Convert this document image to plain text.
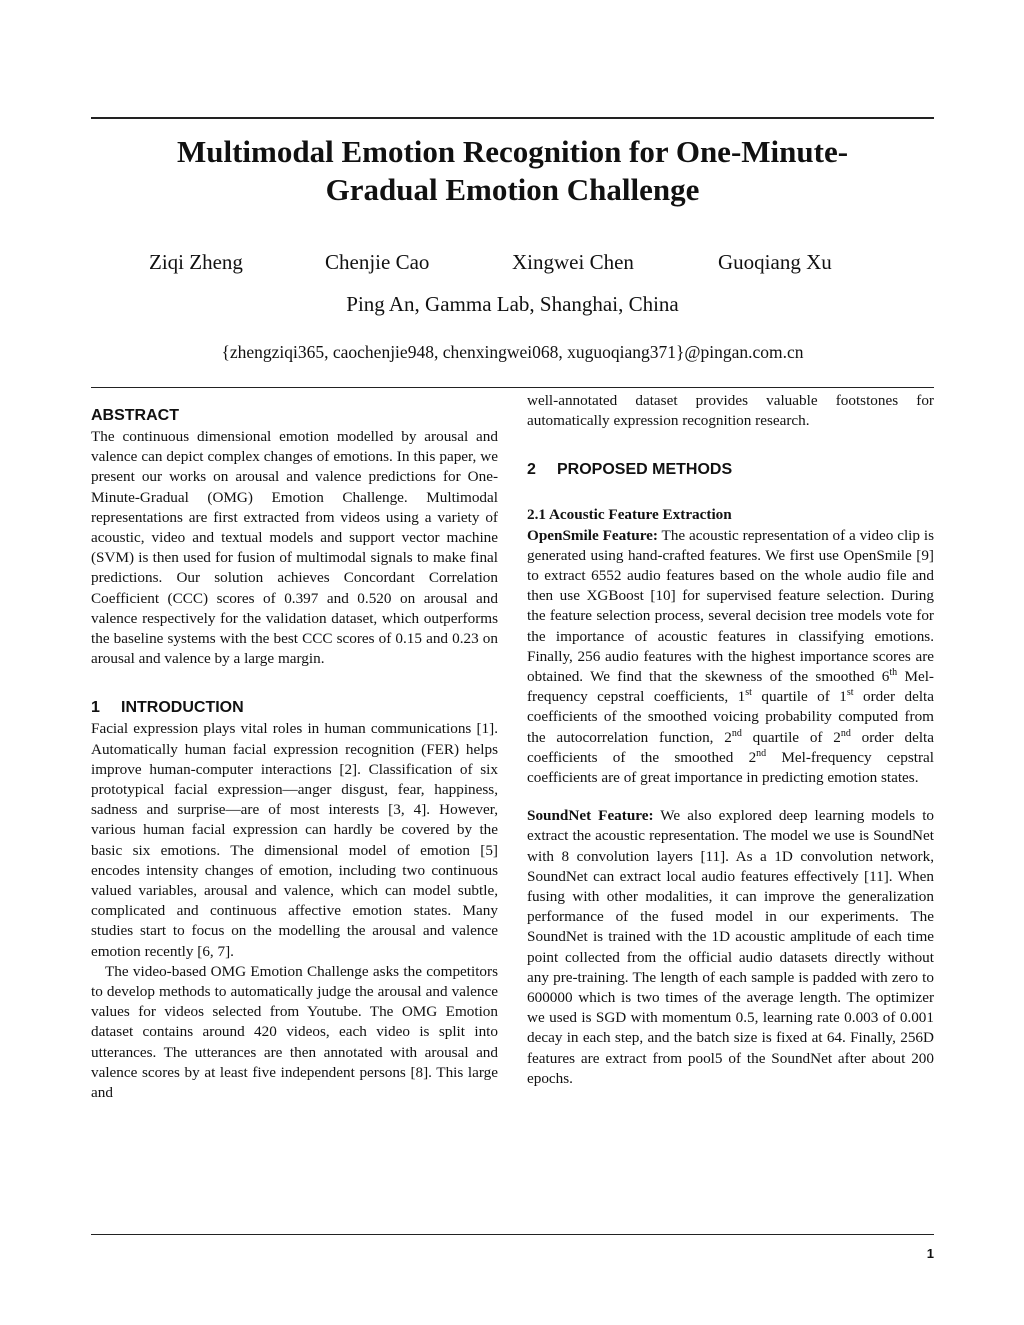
Multimodal Emotion Recognition for One-Minute-
Gradual Emotion Challenge
Ziqi Zheng	Chenjie Cao	Xingwei Chen	Guoqiang Xu
Ping An, Gamma Lab, Shanghai, China
{zhengziqi365, caochenjie948, chenxingwei068, xuguoqiang371}@pingan.com.cn
ABSTRACT

The continuous dimensional emotion modelled by arousal and valence can depict complex changes of emotions. In this paper, we present our works on arousal and valence predictions for One-Minute-Gradual (OMG) Emotion Challenge. Multimodal representations are first extracted from videos using a variety of acoustic, video and textual models and support vector machine (SVM) is then used for fusion of multimodal signals to make final predictions. Our solution achieves Concordant Correlation Coefficient (CCC) scores of 0.397 and 0.520 on arousal and valence respectively for the validation dataset, which outperforms the baseline systems with the best CCC scores of 0.15 and 0.23 on arousal and valence by a large margin.

1 INTRODUCTION

Facial expression plays vital roles in human communications [1]. Automatically human facial expression recognition (FER) helps improve human-computer interactions [2]. Classification of six prototypical facial expression—anger disgust, fear, happiness, sadness and surprise—are of most interests [3, 4]. However, various human facial expression can hardly be covered by the basic six emotions. The dimensional model of emotion [5] encodes intensity changes of emotion, including two continuous valued variables, arousal and valence, which can model subtle, complicated and continuous affective emotion states. Many studies start to focus on the modelling the arousal and valence emotion recently [6, 7].

The video-based OMG Emotion Challenge asks the competitors to develop methods to automatically judge the arousal and valence values for videos selected from Youtube. The OMG Emotion dataset contains around 420 videos, each video is split into utterances. The utterances are then annotated with arousal and valence scores by at least five independent persons [8]. This large and

well-annotated dataset provides valuable footstones for automatically expression recognition research.

2 PROPOSED METHODS

2.1 Acoustic Feature Extraction

OpenSmile Feature: The acoustic representation of a video clip is generated using hand-crafted features. We first use OpenSmile [9] to extract 6552 audio features based on the whole audio file and then use XGBoost [10] for supervised feature selection. During the feature selection process, several decision tree models vote for the importance of acoustic features in classifying emotions. Finally, 256 audio features with the highest importance scores are obtained. We find that the skewness of the smoothed 6th Mel-frequency cepstral coefficients, 1st quartile of 1st order delta coefficients of the smoothed voicing probability computed from the autocorrelation function, 2nd quartile of 2nd order delta coefficients of the smoothed 2nd Mel-frequency cepstral coefficients are of great importance in predicting emotion states.

SoundNet Feature: We also explored deep learning models to extract the acoustic representation. The model we use is SoundNet with 8 convolution layers [11]. As a 1D convolution network, SoundNet can extract local audio features effectively [11]. When fusing with other modalities, it can improve the generalization performance of the fused model in our experiments. The SoundNet is trained with the 1D acoustic amplitude of each time point collected from the official audio datasets directly without any pre-training. The length of each sample is padded with zero to 600000 which is two times of the average length. The optimizer we used is SGD with momentum 0.5, learning rate 0.003 of 0.001 decay in each step, and the batch size is fixed at 64. Finally, 256D features are extract from pool5 of the SoundNet after about 200 epochs.

1
